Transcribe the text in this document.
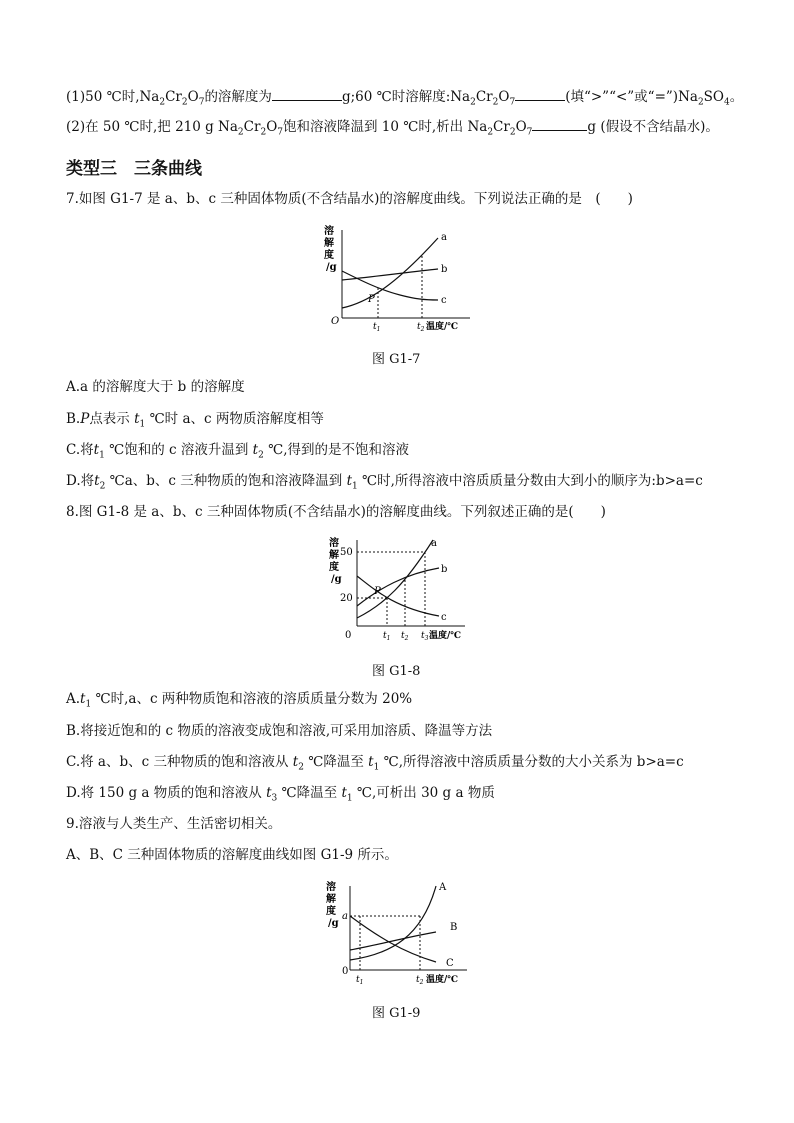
(1)50 ℃时$,Na_2Cr_2O_7$的溶解度为	g;60 ℃时溶解度$:Na_2Cr_2O_7$	(填“>”“<”或“$=”)Na_2SO_4$。
(2)在 50 ℃时,把 210 g $Na_2Cr_2O_7$饱和溶液降温到 10 ℃时,析出 $Na_2Cr_2O_7$	g (假设不含结晶水)。
类型三　三条曲线
7.如图 G1-7 是 a、b、c 三种固体物质(不含结晶水)的溶解度曲线。下列说法正确的是　(　　)
溶
解
度
/g
O
a
b
c
P
$t_1$	$t_2$ 温度/℃
图 G1-7
A.a 的溶解度大于 b 的溶解度
B.P点表示 $t_1$ ℃时 a、c 两物质溶解度相等
C.将$t_1$ ℃饱和的 c 溶液升温到 $t_2$ ℃,得到的是不饱和溶液
D.将$t_2$ ℃a、b、c 三种物质的饱和溶液降温到 $t_1$ ℃时,所得溶液中溶质质量分数由大到小的顺序为:b>a=c
8.图 G1-8 是 a、b、c 三种固体物质(不含结晶水)的溶解度曲线。下列叙述正确的是(　　)
溶
解
度
/g
0
50
20
a
b
c
P
$t_1$ $t_2$ $t_3$ 温度/℃
图 G1-8
$A.t_1$ ℃时,a、c 两种物质饱和溶液的溶质质量分数为 20%
B.将接近饱和的 c 物质的溶液变成饱和溶液,可采用加溶质、降温等方法
C.将 a、b、c 三种物质的饱和溶液从 $t_2$ ℃降温至 $t_1$ ℃,所得溶液中溶质质量分数的大小关系为 b>a=c
D.将 150 g a 物质的饱和溶液从 $t_3$ ℃降温至 $t_1$ ℃,可析出 30 g a 物质
9.溶液与人类生产、生活密切相关。
A、B、C 三种固体物质的溶解度曲线如图 G1-9 所示。
溶
解
度
/g
0
a
A
B
C
$t_1$	$t_2$ 温度/℃
图 G1-9
